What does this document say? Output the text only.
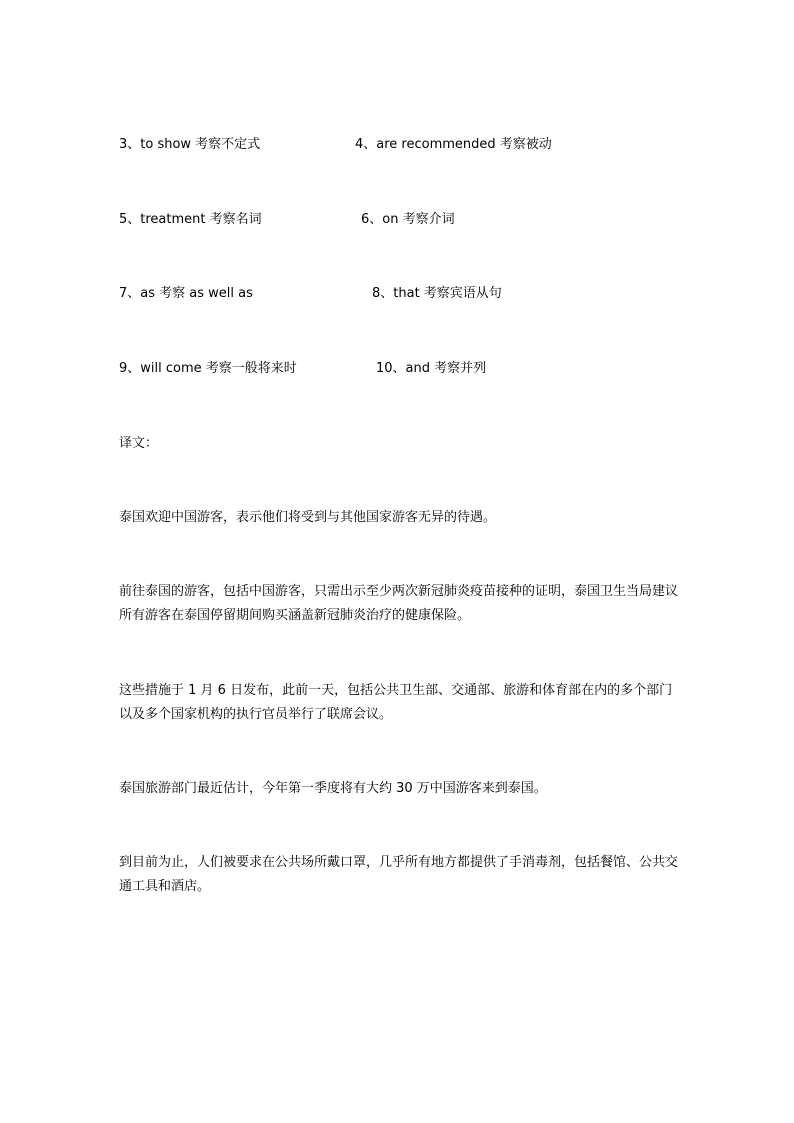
3、to show 考察不定式	4、are recommended 考察被动
5、treatment 考察名词	6、on 考察介词
7、as 考察 as well as	8、that 考察宾语从句
9、will come 考察一般将来时	10、and 考察并列
译文：
泰国欢迎中国游客，表示他们将受到与其他国家游客无异的待遇。
前往泰国的游客，包括中国游客，只需出示至少两次新冠肺炎疫苗接种的证明，泰国卫生当局建议所有游客在泰国停留期间购买涵盖新冠肺炎治疗的健康保险。
这些措施于 1 月 6 日发布，此前一天，包括公共卫生部、交通部、旅游和体育部在内的多个部门以及多个国家机构的执行官员举行了联席会议。
泰国旅游部门最近估计，今年第一季度将有大约 30 万中国游客来到泰国。
到目前为止，人们被要求在公共场所戴口罩，几乎所有地方都提供了手消毒剂，包括餐馆、公共交通工具和酒店。
